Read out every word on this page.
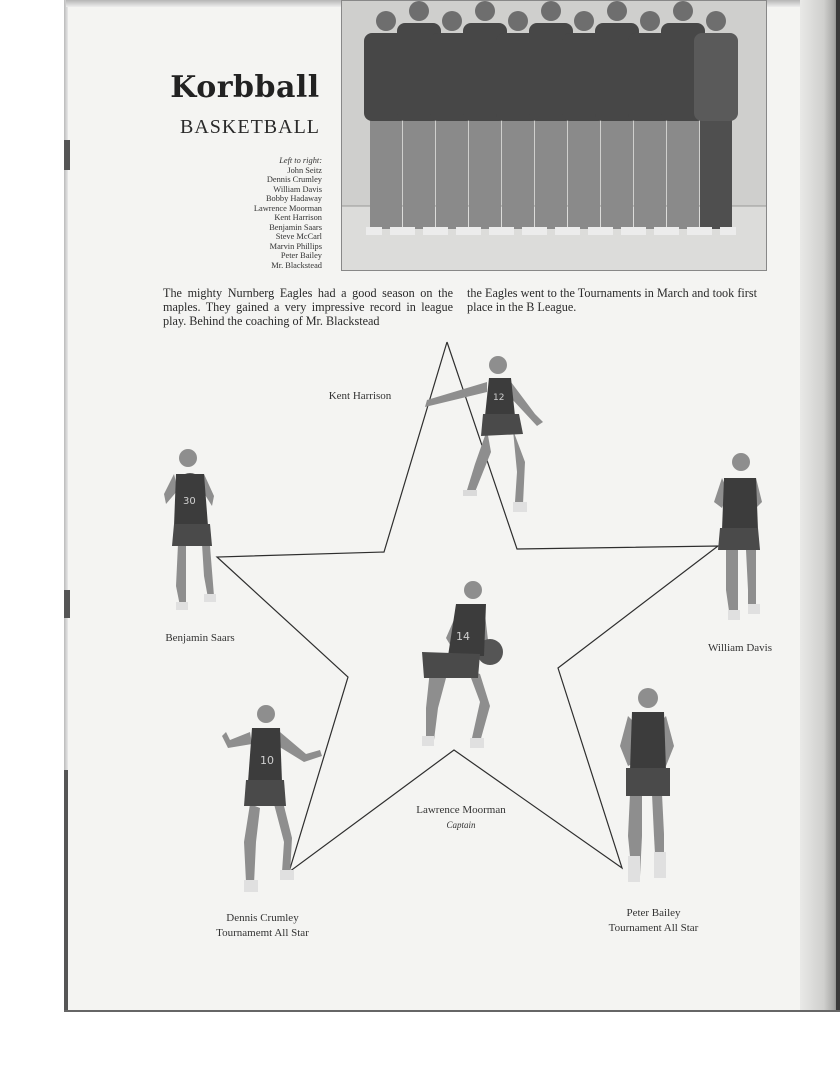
Korbball
BASKETBALL
Left to right:
John Seitz
Dennis Crumley
William Davis
Bobby Hadaway
Lawrence Moorman
Kent Harrison
Benjamin Saars
Steve McCarl
Marvin Phillips
Peter Bailey
Mr. Blackstead
The mighty Nurnberg Eagles had a good season on the maples. They gained a very impressive record in league play. Behind the coaching of Mr. Blackstead
the Eagles went to the Tournaments in March and took first place in the B League.
12
30
14
10
Kent Harrison
Benjamin Saars
William Davis
Lawrence Moorman
Captain
Dennis Crumley
Tournamemt All Star
Peter Bailey
Tournament All Star
